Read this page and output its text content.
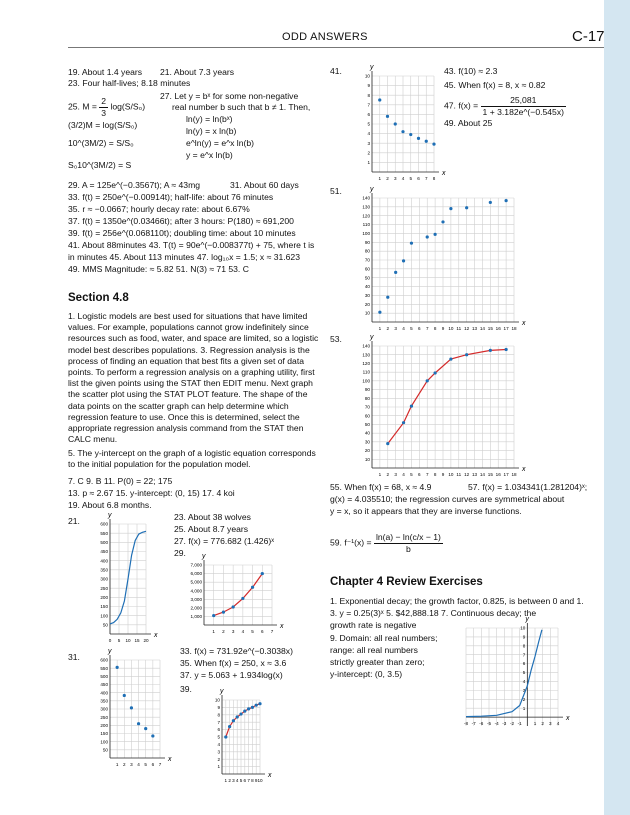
ODD ANSWERS	C-17
19. About 1.4 years 21. About 7.3 years
23. Four half-lives; 8.18 minutes
25. $M = \frac{2}{3} \log(S/S_0)$
(3/2)M = log(S/S₀)
10^(3M/2) = S/S₀
S₀10^(3M/2) = S
27. Let y = bˣ for some non-negative
real number b such that b ≠ 1. Then,
ln(y) = ln(bˣ)
ln(y) = x ln(b)
e^ln(y) = e^x ln(b)
y = e^x ln(b)
29. A = 125e^(−0.3567t); A ≈ 43mg	31. About 60 days
33. f(t) = 250e^(−0.00914t); half-life: about 76 minutes
35. r ≈ −0.0667; hourly decay rate: about 6.67%
37. f(t) = 1350e^(0.03466t); after 3 hours: P(180) ≈ 691,200
39. f(t) = 256e^(0.068110t); doubling time: about 10 minutes
41. About 88minutes 43. T(t) = 90e^(−0.008377t) + 75, where t is
in minutes 45. About 113 minutes 47. log₁₀x = 1.5; x ≈ 31.623
49. MMS Magnitude: ≈ 5.82 51. N(3) ≈ 71 53. C
Section 4.8
1. Logistic models are best used for situations that have limited values. For example, populations cannot grow indefinitely since resources such as food, water, and space are limited, so a logistic model best describes populations. 3. Regression analysis is the process of finding an equation that best fits a given set of data points. To perform a regression analysis on a graphing utility, first list the given points using the STAT then EDIT menu. Next graph the scatter plot using the STAT PLOT feature. The shape of the data points on the scatter graph can help determine which regression feature to use. Once this is determined, select the appropriate regression analysis command from the STAT then CALC menu.
5. The y-intercept on the graph of a logistic equation corresponds to the initial population for the population model.
7. C 9. B 11. P(0) = 22; 175
13. p ≈ 2.67 15. y-intercept: (0, 15) 17. 4 koi
19. About 6.8 months.
21.	23. About 38 wolves
25. About 8.7 years
27. f(x) = 776.682 (1.426)ˣ
29.
31.
33. f(x) = 731.92e^(−0.3038x)
35. When f(x) = 250, x ≈ 3.6
37. y = 5.063 + 1.934log(x)
39.
41.	43. f(10) ≈ 2.3
45. When f(x) = 8, x ≈ 0.82
47. $f(x) = \frac{25,081}{1 + 3.182e\^{}(-0.545x)}$
49. About 25
51.
53.
55. When f(x) = 68, x ≈ 4.9	57. f(x) = 1.034341(1.281204)ˣ;
g(x) = 4.035510; the regression curves are symmetrical about
y = x, so it appears that they are inverse functions.
59. $f^{-1}(x) = \frac{\ln(a) - \ln(c/x - 1)}{b}$
Chapter 4 Review Exercises
1. Exponential decay; the growth factor, 0.825, is between 0 and 1.
3. y = 0.25(3)ˣ 5. $42,888.18 7. Continuous decay; the
growth rate is negative
9. Domain: all real numbers;
range: all real numbers
strictly greater than zero;
y-intercept: (0, 3.5)
x
y
0 5 10 15 20
50
100
150
200
250
300
350
400
450
500
550
600
x
y
1 2 3 4 5 6 7
1,000
2,000
3,000
4,000
5,000
6,000
7,000
x
y
1 2 3 4 5 6 7
50
100
150
200
250
300
350
400
450
500
550
600
x
y
1 2 3 4 5 6 7 8 9 10
1
2
3
4
5
6
7
8
9
10
x
y
1 2 3 4 5 6 7 8
1
2
3
4
5
6
7
8
9
10
x
y
1 2 3 4 5 6 7 8 9 10 11 12 13 14 15 16 17 18
10
20
30
40
50
60
70
80
90
100
110
120
130
140
x
y
1 2 3 4 5 6 7 8 9 10 11 12 13 14 15 16 17 18
10
20
30
40
50
60
70
80
90
100
110
120
130
140
x
y
-8 -7 -6 -5 -4 -3 -2 -1	1 2 3 4
1
2
3
4
5
6
7
8
9
10
